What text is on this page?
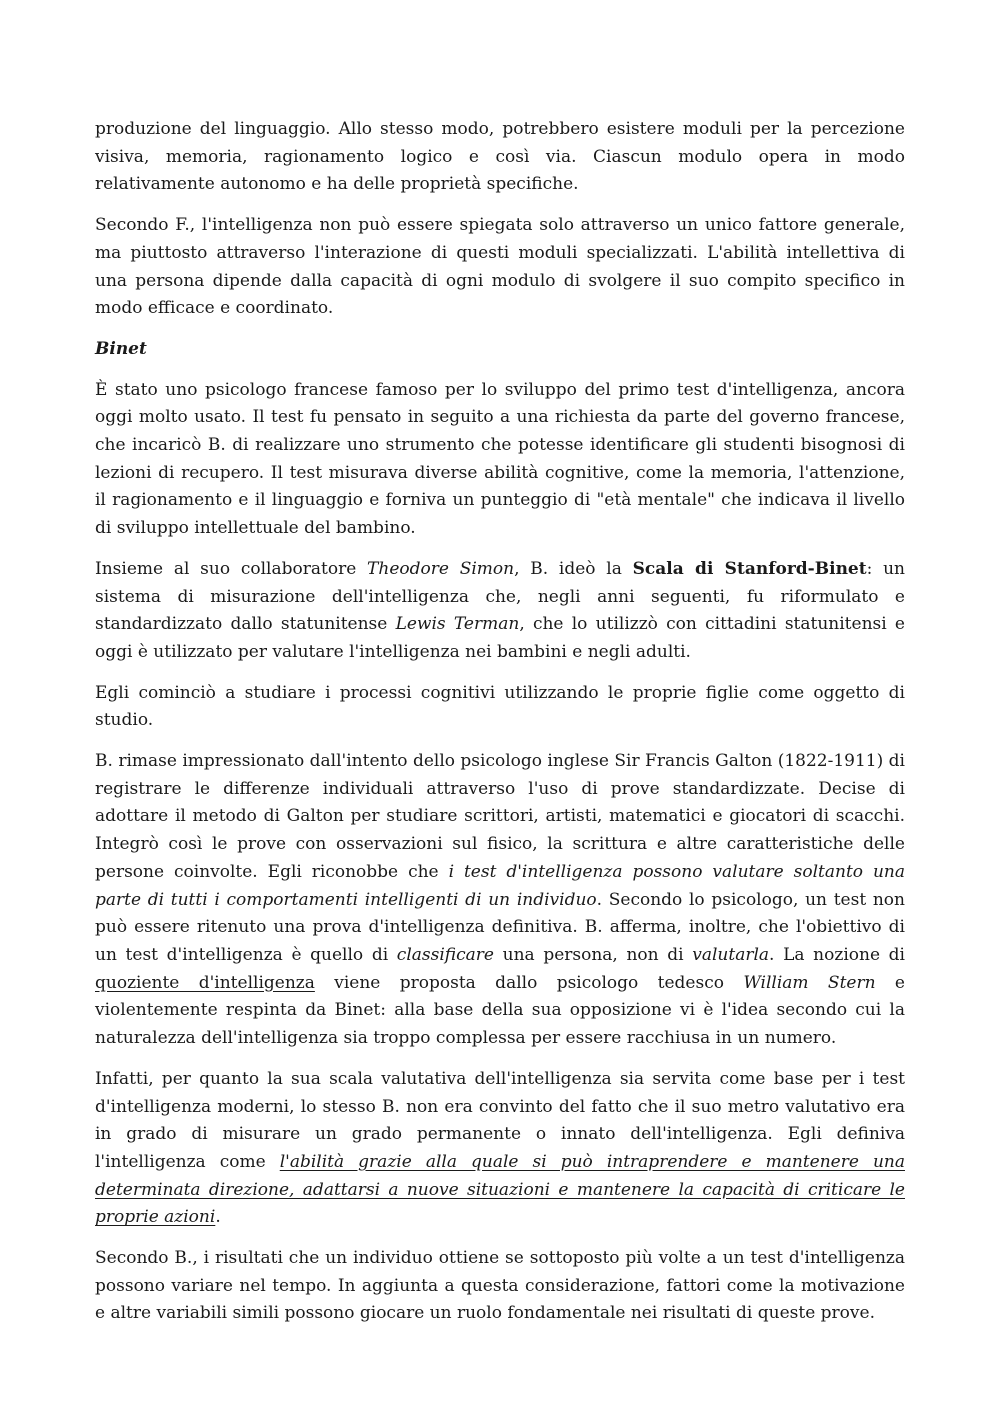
produzione del linguaggio. Allo stesso modo, potrebbero esistere moduli per la percezione visiva, memoria, ragionamento logico e così via. Ciascun modulo opera in modo relativamente autonomo e ha delle proprietà specifiche.

Secondo F., l'intelligenza non può essere spiegata solo attraverso un unico fattore generale, ma piuttosto attraverso l'interazione di questi moduli specializzati. L'abilità intellettiva di una persona dipende dalla capacità di ogni modulo di svolgere il suo compito specifico in modo efficace e coordinato.

Binet

È stato uno psicologo francese famoso per lo sviluppo del primo test d'intelligenza, ancora oggi molto usato. Il test fu pensato in seguito a una richiesta da parte del governo francese, che incaricò B. di realizzare uno strumento che potesse identificare gli studenti bisognosi di lezioni di recupero. Il test misurava diverse abilità cognitive, come la memoria, l'attenzione, il ragionamento e il linguaggio e forniva un punteggio di "età mentale" che indicava il livello di sviluppo intellettuale del bambino.

Insieme al suo collaboratore Theodore Simon, B. ideò la Scala di Stanford-Binet: un sistema di misurazione dell'intelligenza che, negli anni seguenti, fu riformulato e standardizzato dallo statunitense Lewis Terman, che lo utilizzò con cittadini statunitensi e oggi è utilizzato per valutare l'intelligenza nei bambini e negli adulti.

Egli cominciò a studiare i processi cognitivi utilizzando le proprie figlie come oggetto di studio.

B. rimase impressionato dall'intento dello psicologo inglese Sir Francis Galton (1822-1911) di registrare le differenze individuali attraverso l'uso di prove standardizzate. Decise di adottare il metodo di Galton per studiare scrittori, artisti, matematici e giocatori di scacchi. Integrò così le prove con osservazioni sul fisico, la scrittura e altre caratteristiche delle persone coinvolte. Egli riconobbe che i test d'intelligenza possono valutare soltanto una parte di tutti i comportamenti intelligenti di un individuo. Secondo lo psicologo, un test non può essere ritenuto una prova d'intelligenza definitiva. B. afferma, inoltre, che l'obiettivo di un test d'intelligenza è quello di classificare una persona, non di valutarla. La nozione di quoziente d'intelligenza viene proposta dallo psicologo tedesco William Stern e violentemente respinta da Binet: alla base della sua opposizione vi è l'idea secondo cui la naturalezza dell'intelligenza sia troppo complessa per essere racchiusa in un numero.

Infatti, per quanto la sua scala valutativa dell'intelligenza sia servita come base per i test d'intelligenza moderni, lo stesso B. non era convinto del fatto che il suo metro valutativo era in grado di misurare un grado permanente o innato dell'intelligenza. Egli definiva l'intelligenza come l'abilità grazie alla quale si può intraprendere e mantenere una determinata direzione, adattarsi a nuove situazioni e mantenere la capacità di criticare le proprie azioni.

Secondo B., i risultati che un individuo ottiene se sottoposto più volte a un test d'intelligenza possono variare nel tempo. In aggiunta a questa considerazione, fattori come la motivazione e altre variabili simili possono giocare un ruolo fondamentale nei risultati di queste prove.
